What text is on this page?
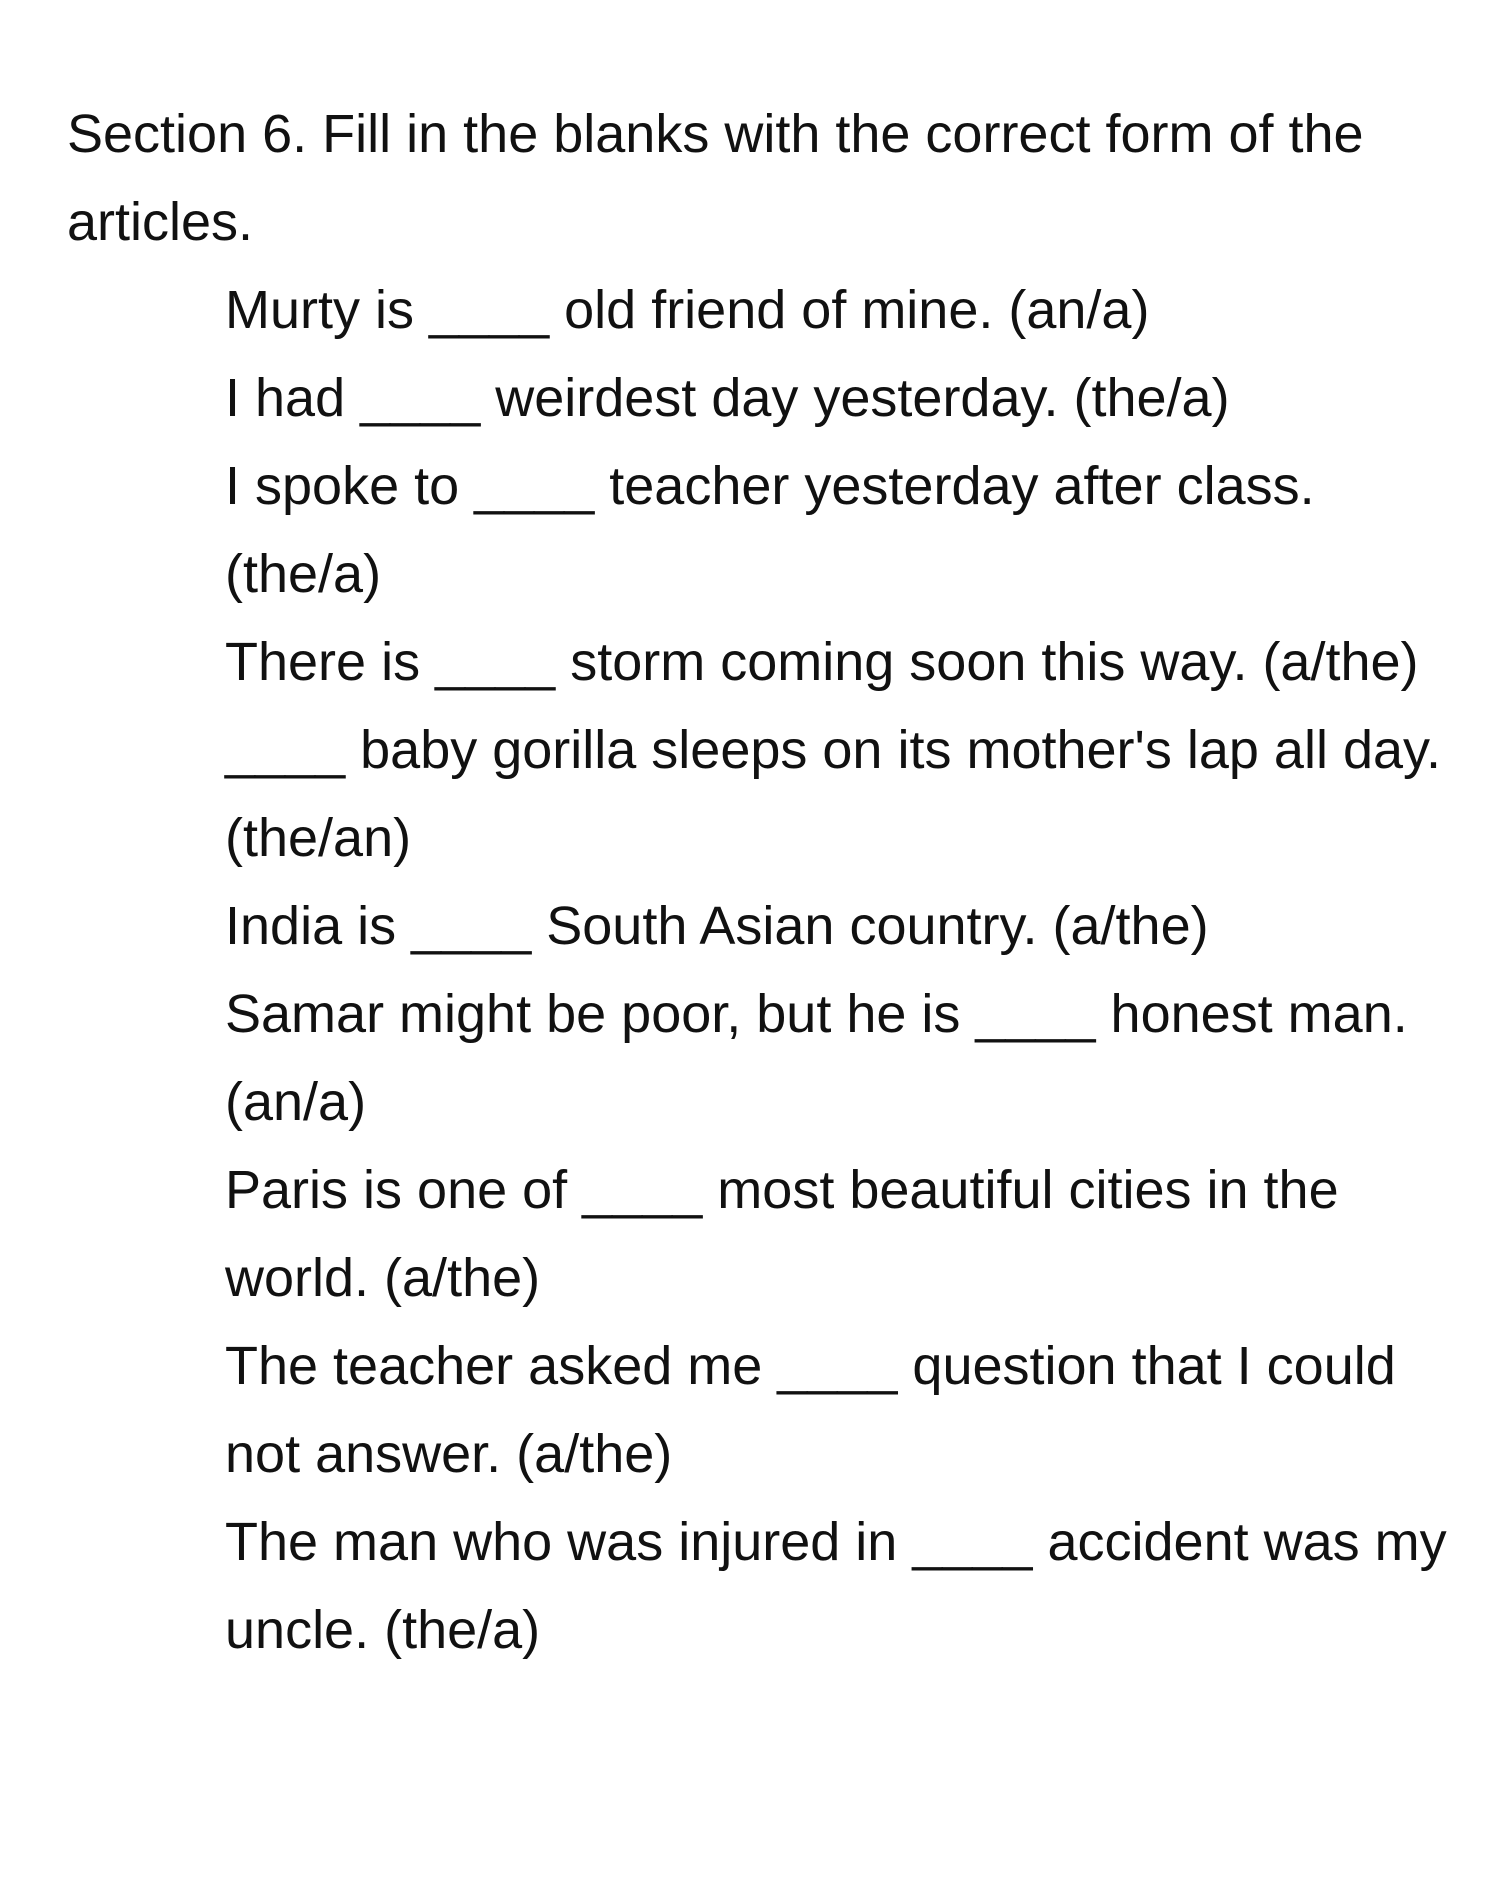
Section 6. Fill in the blanks with the correct form of the articles.
Murty is ____ old friend of mine. (an/a)
I had ____ weirdest day yesterday. (the/a)
I spoke to ____ teacher yesterday after class. (the/a)
There is ____ storm coming soon this way. (a/the)
____ baby gorilla sleeps on its mother's lap all day. (the/an)
India is ____ South Asian country. (a/the)
Samar might be poor, but he is ____ honest man. (an/a)
Paris is one of ____ most beautiful cities in the world. (a/the)
The teacher asked me ____ question that I could not answer. (a/the)
The man who was injured in ____ accident was my uncle. (the/a)
